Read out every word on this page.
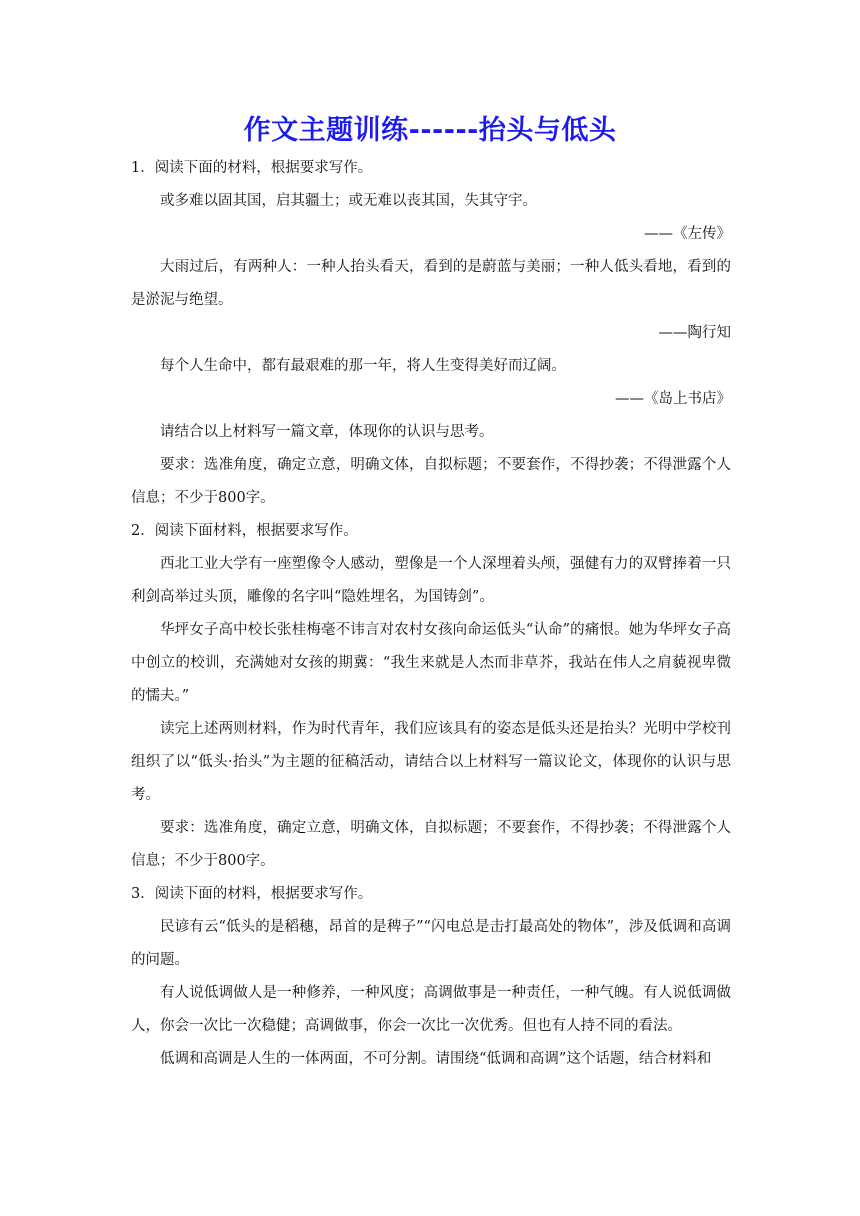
作文主题训练------抬头与低头

1．阅读下面的材料，根据要求写作。

或多难以固其国，启其疆土；或无难以丧其国，失其守宇。

——《左传》

大雨过后，有两种人：一种人抬头看天，看到的是蔚蓝与美丽；一种人低头看地，看到的是淤泥与绝望。

——陶行知

每个人生命中，都有最艰难的那一年，将人生变得美好而辽阔。

——《岛上书店》

请结合以上材料写一篇文章，体现你的认识与思考。

要求：选准角度，确定立意，明确文体，自拟标题；不要套作，不得抄袭；不得泄露个人信息；不少于800字。

2．阅读下面材料，根据要求写作。

西北工业大学有一座塑像令人感动，塑像是一个人深埋着头颅，强健有力的双臂捧着一只利剑高举过头顶，雕像的名字叫“隐姓埋名，为国铸剑”。

华坪女子高中校长张桂梅毫不讳言对农村女孩向命运低头“认命”的痛恨。她为华坪女子高中创立的校训，充满她对女孩的期冀：“我生来就是人杰而非草芥，我站在伟人之肩藐视卑微的懦夫。”

读完上述两则材料，作为时代青年，我们应该具有的姿态是低头还是抬头？光明中学校刊组织了以“低头·抬头”为主题的征稿活动，请结合以上材料写一篇议论文，体现你的认识与思考。

要求：选准角度，确定立意，明确文体，自拟标题；不要套作，不得抄袭；不得泄露个人信息；不少于800字。

3．阅读下面的材料，根据要求写作。

民谚有云“低头的是稻穗，昂首的是稗子”“闪电总是击打最高处的物体”，涉及低调和高调的问题。

有人说低调做人是一种修养，一种风度；高调做事是一种责任，一种气魄。有人说低调做人，你会一次比一次稳健；高调做事，你会一次比一次优秀。但也有人持不同的看法。

低调和高调是人生的一体两面，不可分割。请围绕“低调和高调”这个话题，结合材料和
